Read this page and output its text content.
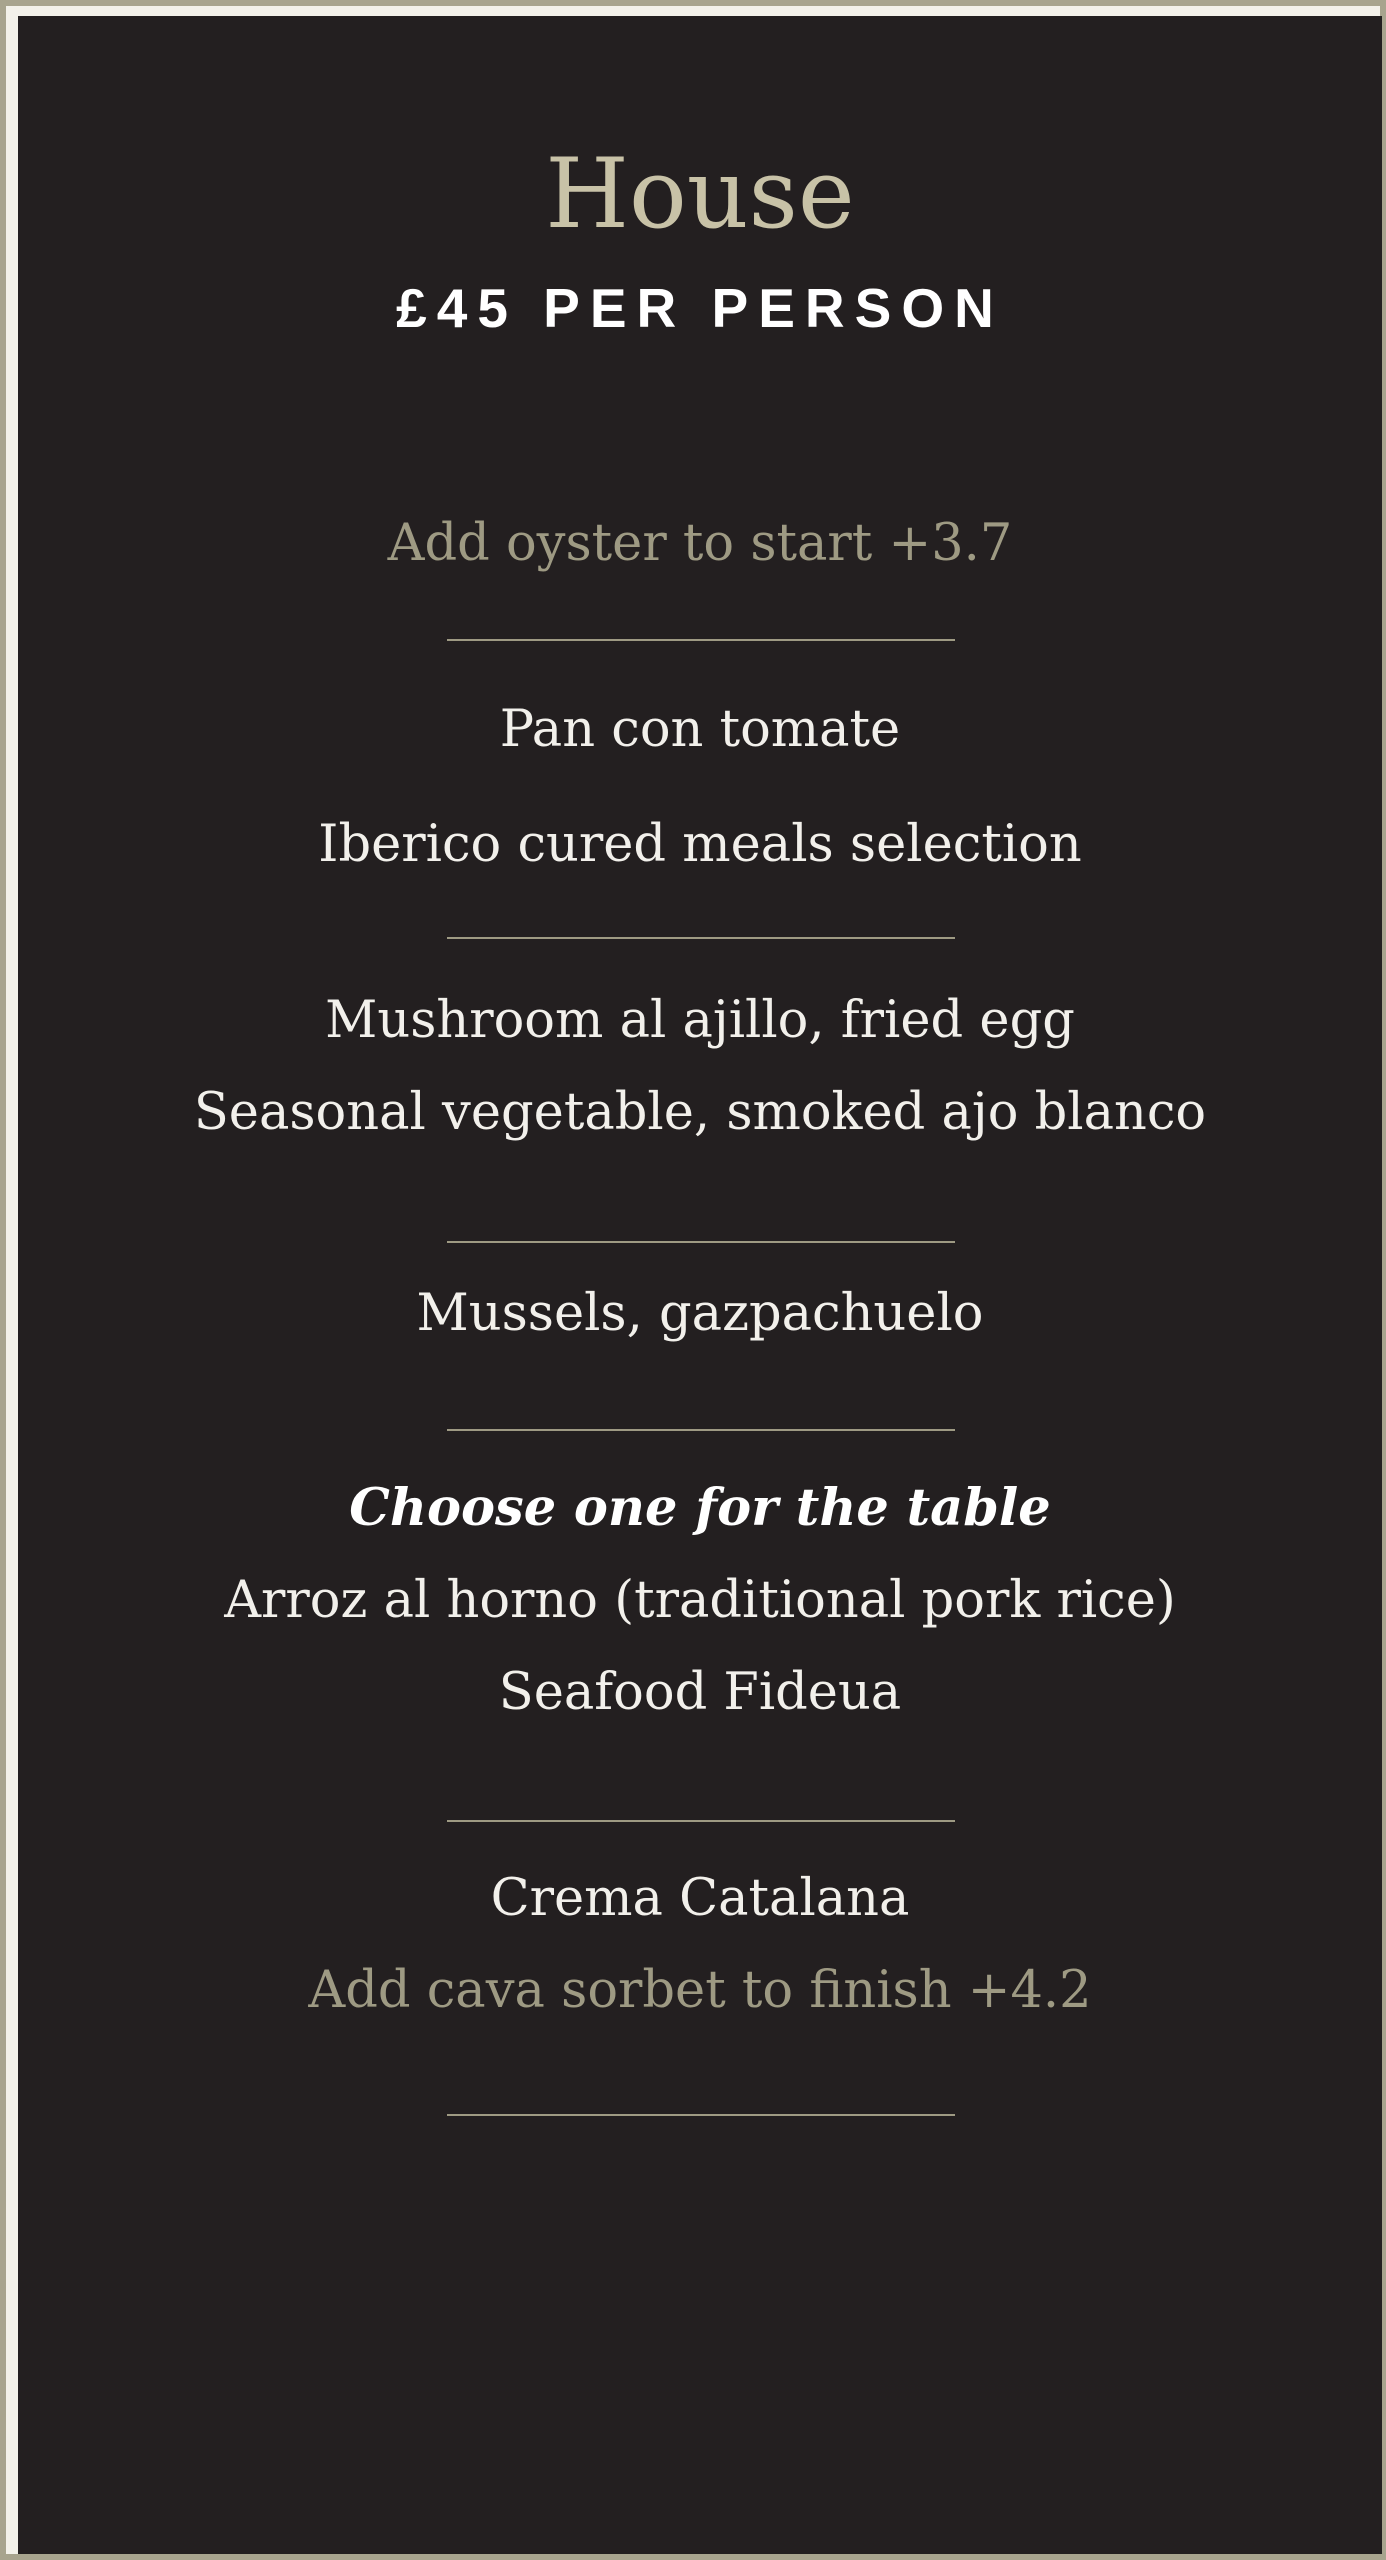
House
£45 PER PERSON
Add oyster to start +3.7
Pan con tomate
Iberico cured meals selection
Mushroom al ajillo, fried egg
Seasonal vegetable, smoked ajo blanco
Mussels, gazpachuelo
Choose one for the table
Arroz al horno (traditional pork rice)
Seafood Fideua
Crema Catalana
Add cava sorbet to finish +4.2
